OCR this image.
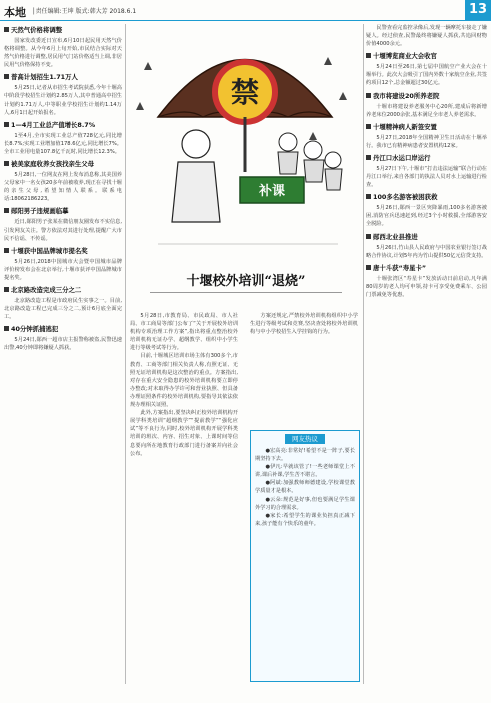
本地 │责任编辑:王坤 版式:韩大芳 2018.6.1	13
天然气价格将调整

国家发改委近日宣布,6月10日起民用天然气价格将调整。从今年6月上旬开始,市民结合实际对天然气价格进行调整,居民用气门站价格适当上调,非居民用气价格保持不变。

普高计划招生1.71万人

5月25日,记者从市招生考试院获悉,今年十堰高中阶段学校招生计划约2.85万人,其中普通高中招生计划约1.71万人,中等职业学校招生计划约1.14万人,6月1日起开始报名。

1—4月工业总产值增长8.7%

1至4月,全市实现工业总产值728亿元,同比增长8.7%;实现工业增加值178.6亿元,同比增长7%。全市工业用电量107.8亿千瓦时,同比增长12.3%。

被美家庭收养女孩找亲生父母

5月28日,一位网友在网上发布消息称,其美国养父母家中一名女孩20多年前被收养,现正在寻找十堰的亲生父母,希望知情人联系。联系电话:18062186223。

郧阳男子违规画临摹

近日,郧阳男子张某在微信朋友圈发布不实信息,引发网友关注。警方依法对其进行处理,提醒广大市民不信谣、不传谣。

十堰获中国品牌城市提名奖

5月26日,2018中国城市大会暨中国城市品牌评价榜发布会在北京举行,十堰市获评中国品牌城市提名奖。

北京路改造完成三分之二

北京路改造工程是市政府民生实事之一。目前,北京路改造工程已完成三分之二,预计6月底全面完工。

40分钟抓捕逃犯

5月24日,郧西一超市店主报警称被盗,民警迅速出警,40分钟即将嫌疑人抓获。

禁
补课
十堰校外培训“退烧”

5月28日,市教育局、市民政局、市人社局、市工商局等部门公布了“关于开展校外培训机构专项治理工作方案”,指出将重点整治校外培训机构无证办学、超纲教学、组织中小学生进行等级考试等行为。

目前,十堰城区培训市场主体有300多个,市教育、工商等部门相关负责人称,有照无证、无照无证培训机构是这次整治的重点。方案指出,对存在重大安全隐患的校外培训机构要立即停办整改;对未取得办学许可和营业执照、但具备办理证照条件的校外培训机构,要指导其依法依规办理相关证照。

此外,方案指出,要坚决纠正校外培训机构开展学科类培训“超纲教学”“提前教学”“强化应试”等不良行为,同时,校外培训机构开展学科类培训的班次、内容、招生对象、上课时间等信息要向所在地教育行政部门进行备案并向社会公布。

方案还规定,严禁校外培训机构组织中小学生进行等级考试和竞赛,坚决查处将校外培训机构与中小学校招生入学挂钩的行为。

网友热议

●宏高亮:非常好!希望不是一阵子,要长期坚持下去。

●伊凡:早就该管了!一些老师课堂上不讲,课后补课,学生苦不堪言。

●阿斌:加强教师师德建设,学校课堂教学质量才是根本。

●云朵:规范是好事,但也要满足学生课外学习的合理需求。

●家长:希望学生的课业负担真正减下来,孩子能有个快乐的童年。

民警查看完监控录像后,发现一辆摩托车接走了嫌疑人。经过侦查,民警最终将嫌疑人抓获,共追回财物价值4000余元。

十堰博览商业大会收官

5月24日至26日,第七届中国航空产业大会在十堰举行。此次大会吸引了国内外数十家航空企业,共签约项目12个,总金额超过30亿元。

我市将建设20所养老院

十堰市将建设养老服务中心20所,建成后将新增养老床位2000余张,基本满足全市老人养老需求。

十堰精神病人新签安置

5月27日,2018年全国精神卫生日活动在十堰举行。我市已有精神病患者安置机构12家。

丹江口水运口岸运行

5月27日下午,十堰市“打击违法运输”联合行动在丹江口举行,来自各部门的执法人员对水上运输进行检查。

100多名游客被困获救

5月26日,郧西一景区突降暴雨,100多名游客被困,消防官兵迅速赶到,经过3个小时救援,全部游客安全脱险。

郧西北业县推进

5月26日,竹山县人民政府与中国农业银行签订战略合作协议,计划5年内为竹山提供50亿元信贷支持。

唐十斗获“寿星卡”

十堰张湾区“寿星卡”发放活动日前启动,凡年满80周岁的老人均可申领,持卡可享受免费乘车、公园门票减免等优惠。
